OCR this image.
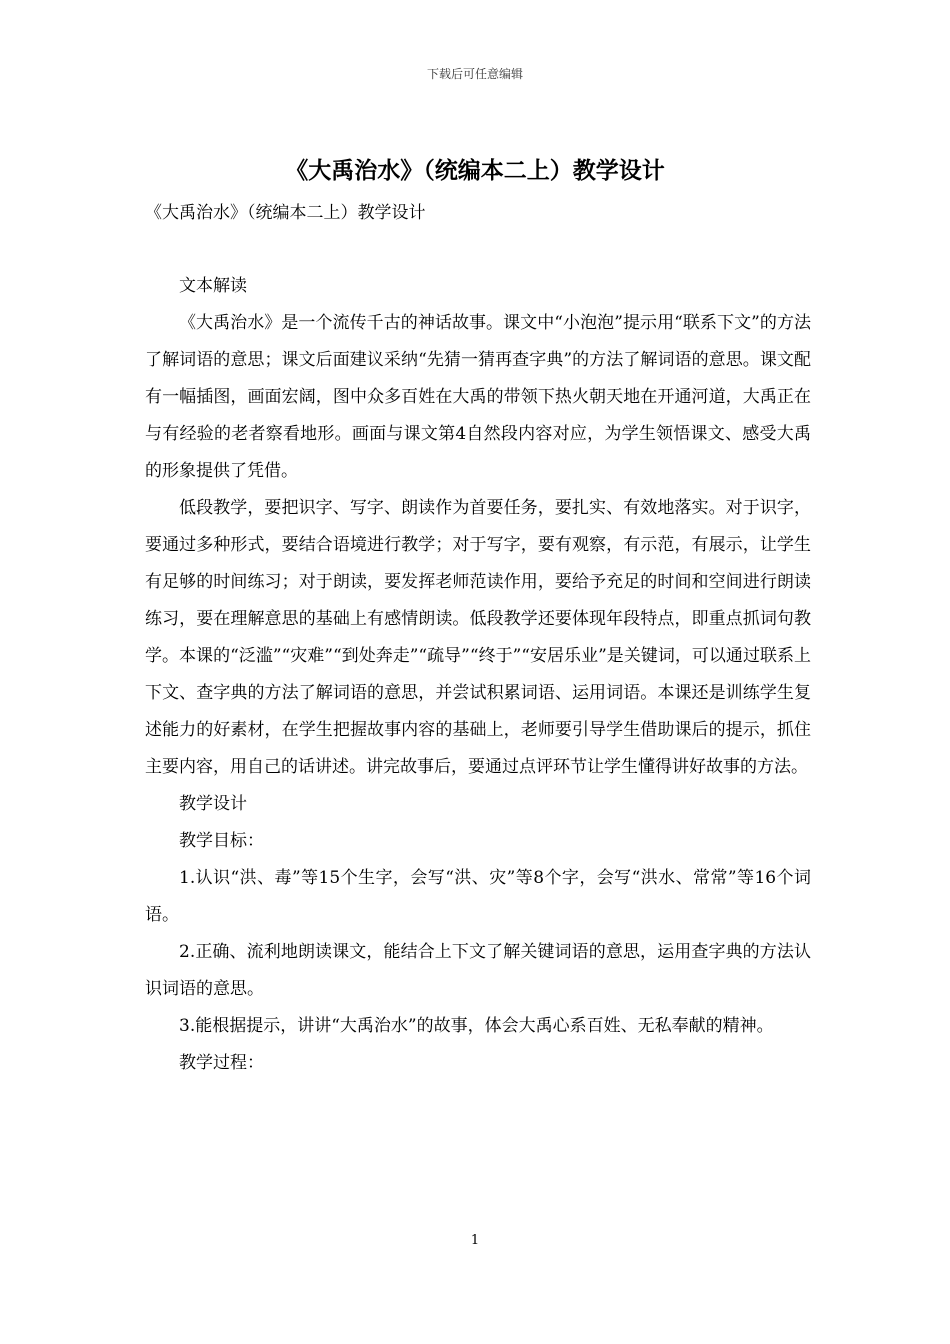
下载后可任意编辑
《大禹治水》（统编本二上）教学设计
《大禹治水》（统编本二上）教学设计

文本解读

《大禹治水》是一个流传千古的神话故事。课文中“小泡泡”提示用“联系下文”的方法了解词语的意思；课文后面建议采纳“先猜一猜再查字典”的方法了解词语的意思。课文配有一幅插图，画面宏阔，图中众多百姓在大禹的带领下热火朝天地在开通河道，大禹正在与有经验的老者察看地形。画面与课文第4自然段内容对应，为学生领悟课文、感受大禹的形象提供了凭借。

低段教学，要把识字、写字、朗读作为首要任务，要扎实、有效地落实。对于识字，要通过多种形式，要结合语境进行教学；对于写字，要有观察，有示范，有展示，让学生有足够的时间练习；对于朗读，要发挥老师范读作用，要给予充足的时间和空间进行朗读练习，要在理解意思的基础上有感情朗读。低段教学还要体现年段特点，即重点抓词句教学。本课的“泛滥”“灾难”“到处奔走”“疏导”“终于”“安居乐业”是关键词，可以通过联系上下文、查字典的方法了解词语的意思，并尝试积累词语、运用词语。本课还是训练学生复述能力的好素材，在学生把握故事内容的基础上，老师要引导学生借助课后的提示，抓住主要内容，用自己的话讲述。讲完故事后，要通过点评环节让学生懂得讲好故事的方法。

教学设计

教学目标：

1.认识“洪、毒”等15个生字，会写“洪、灾”等8个字，会写“洪水、常常”等16个词语。

2.正确、流利地朗读课文，能结合上下文了解关键词语的意思，运用查字典的方法认识词语的意思。

3.能根据提示，讲讲“大禹治水”的故事，体会大禹心系百姓、无私奉献的精神。

教学过程：

1
